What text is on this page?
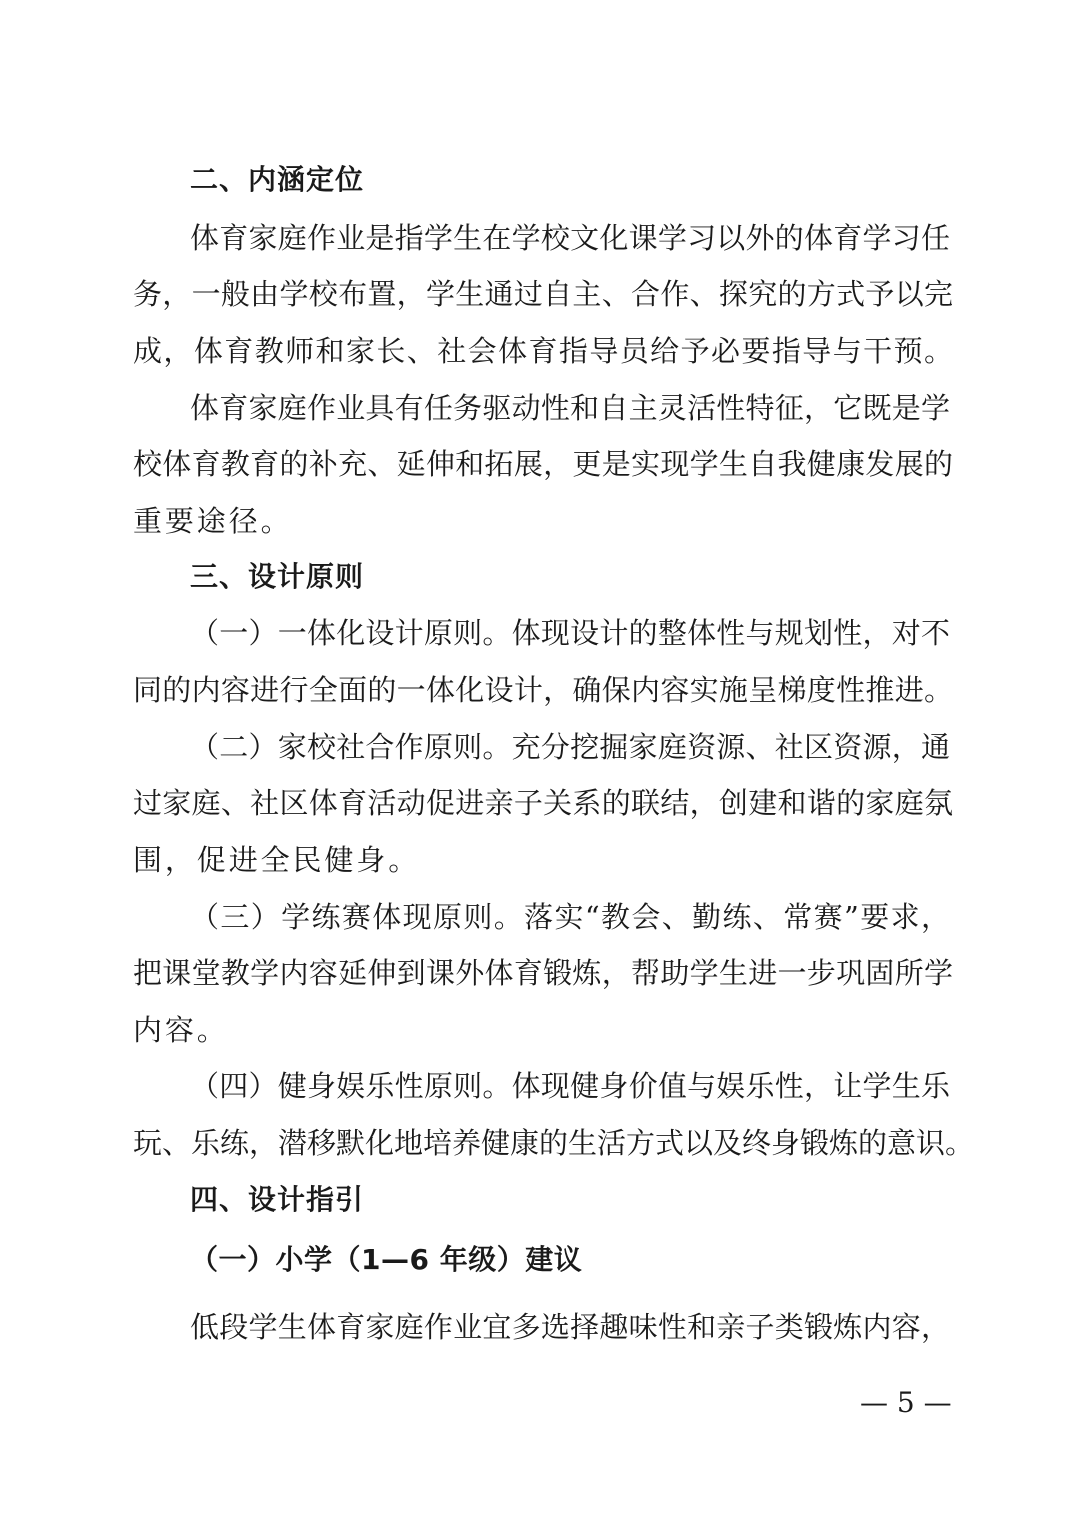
二、内涵定位
体育家庭作业是指学生在学校文化课学习以外的体育学习任
务，一般由学校布置，学生通过自主、合作、探究的方式予以完
成，体育教师和家长、社会体育指导员给予必要指导与干预。
体育家庭作业具有任务驱动性和自主灵活性特征，它既是学
校体育教育的补充、延伸和拓展，更是实现学生自我健康发展的
重要途径。
三、设计原则
（一）一体化设计原则。体现设计的整体性与规划性，对不
同的内容进行全面的一体化设计，确保内容实施呈梯度性推进。
（二）家校社合作原则。充分挖掘家庭资源、社区资源，通
过家庭、社区体育活动促进亲子关系的联结，创建和谐的家庭氛
围，促进全民健身。
（三）学练赛体现原则。落实“教会、勤练、常赛”要求，
把课堂教学内容延伸到课外体育锻炼，帮助学生进一步巩固所学
内容。
（四）健身娱乐性原则。体现健身价值与娱乐性，让学生乐
玩、乐练，潜移默化地培养健康的生活方式以及终身锻炼的意识。
四、设计指引
（一）小学（1—6 年级）建议
低段学生体育家庭作业宜多选择趣味性和亲子类锻炼内容，
— 5 —
